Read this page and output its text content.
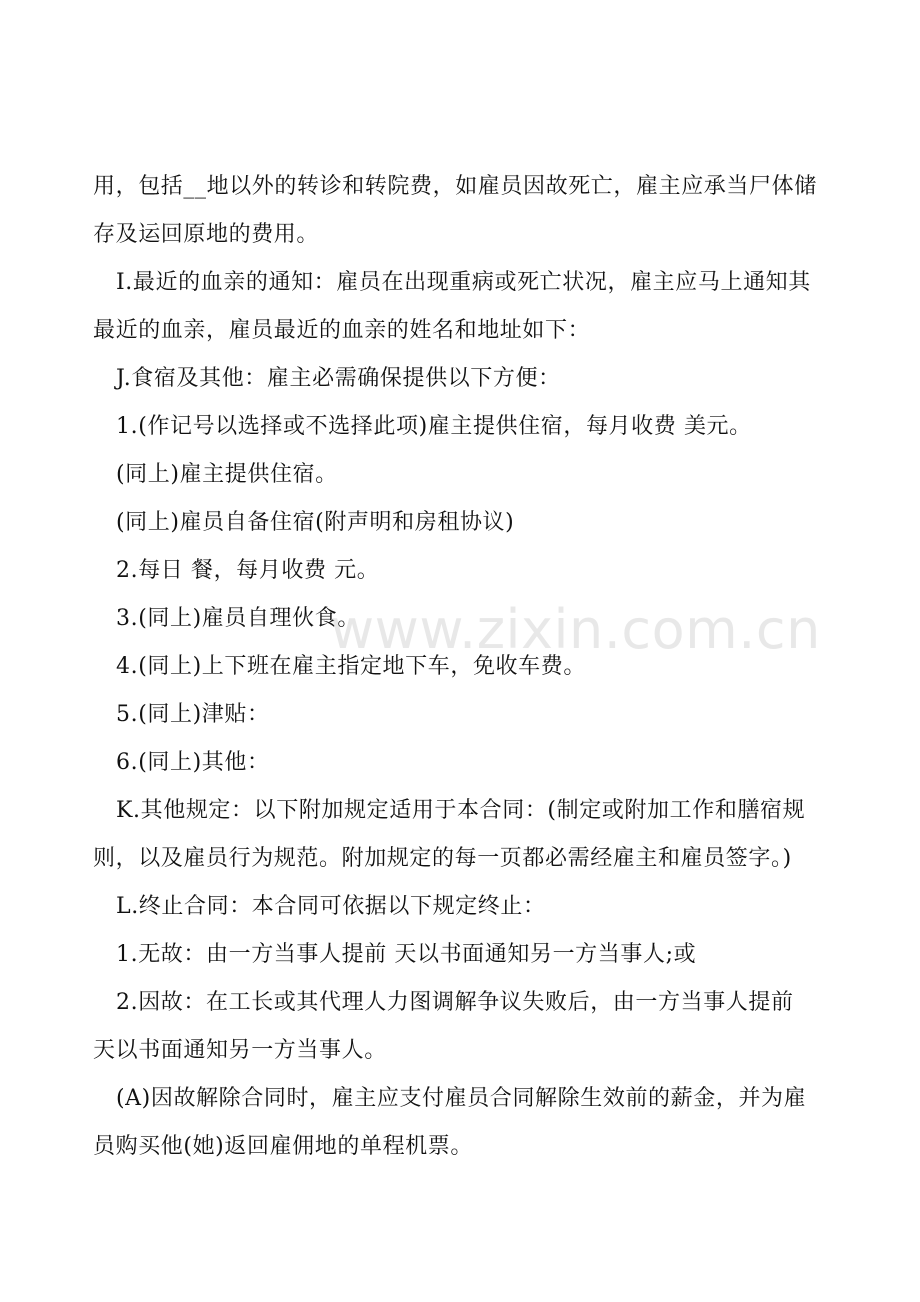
用，包括__地以外的转诊和转院费，如雇员因故死亡，雇主应承当尸体储
存及运回原地的费用。
I.最近的血亲的通知：雇员在出现重病或死亡状况，雇主应马上通知其
最近的血亲，雇员最近的血亲的姓名和地址如下：
J.食宿及其他：雇主必需确保提供以下方便：
1.(作记号以选择或不选择此项)雇主提供住宿，每月收费 美元。
(同上)雇主提供住宿。
(同上)雇员自备住宿(附声明和房租协议)
2.每日 餐，每月收费 元。
3.(同上)雇员自理伙食。
4.(同上)上下班在雇主指定地下车，免收车费。
5.(同上)津贴：
6.(同上)其他：
K.其他规定：以下附加规定适用于本合同：(制定或附加工作和膳宿规
则，以及雇员行为规范。附加规定的每一页都必需经雇主和雇员签字。)
L.终止合同：本合同可依据以下规定终止：
1.无故：由一方当事人提前 天以书面通知另一方当事人;或
2.因故：在工长或其代理人力图调解争议失败后，由一方当事人提前
天以书面通知另一方当事人。
(A)因故解除合同时，雇主应支付雇员合同解除生效前的薪金，并为雇
员购买他(她)返回雇佣地的单程机票。
www.zixin.com.cn
